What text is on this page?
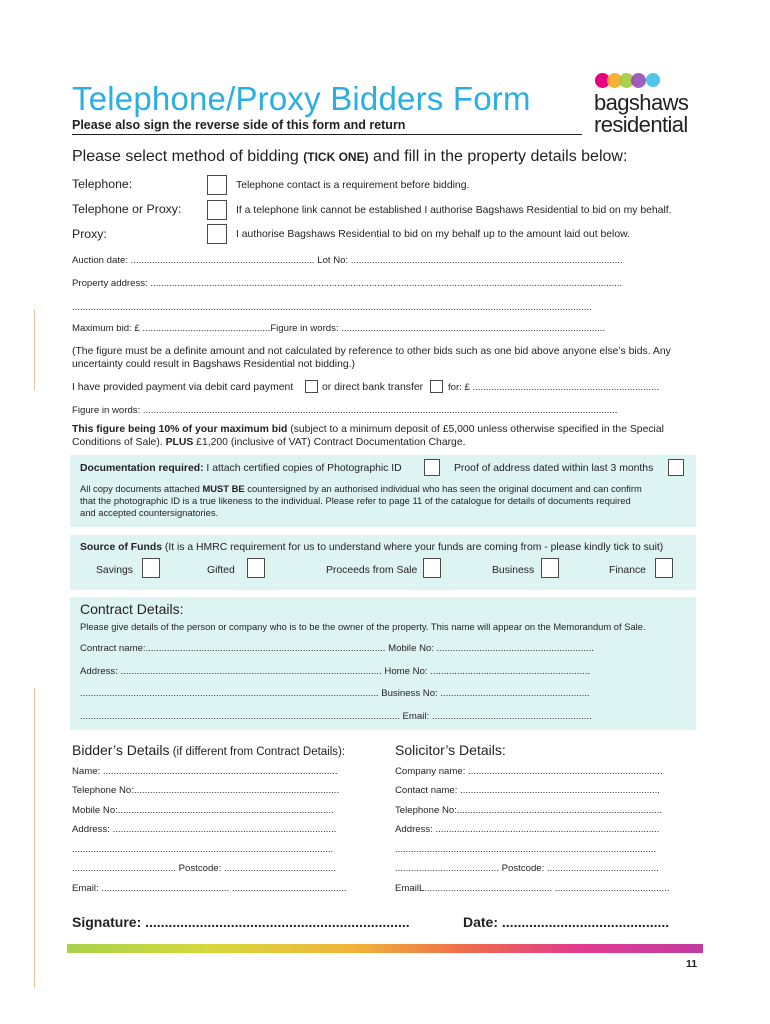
Telephone/Proxy Bidders Form
Please also sign the reverse side of this form and return
bagshaws
residential
Please select method of bidding (TICK ONE) and fill in the property details below:
Telephone:	Telephone contact is a requirement before bidding.
Telephone or Proxy:	If a telephone link cannot be established I authorise Bagshaws Residential to bid on my behalf.
Proxy:	I authorise Bagshaws Residential to bid on my behalf up to the amount laid out below.
Auction date: ..................................................................... Lot No: ......................................................................................................
Property address: .................................................................................................................................................................................
...................................................................................................................................................................................................
Maximum bid: £ ................................................Figure in words: ...................................................................................................
(The figure must be a definite amount and not calculated by reference to other bids such as one bid above anyone else’s bids. Any
uncertainty could result in Bagshaws Residential not bidding.)
I have provided payment via debit card payment	or direct bank transfer	for: £ ......................................................................
Figure in words: ..................................................................................................................................................................................
This figure being 10% of your maximum bid (subject to a minimum deposit of £5,000 unless otherwise specified in the Special
Conditions of Sale). PLUS £1,200 (inclusive of VAT) Contract Documentation Charge.
Documentation required: I attach certified copies of Photographic ID	Proof of address dated within last 3 months
All copy documents attached MUST BE countersigned by an authorised individual who has seen the original document and can confirm
that the photographic ID is a true likeness to the individual. Please refer to page 11 of the catalogue for details of documents required
and accepted countersignatories.
Source of Funds (It is a HMRC requirement for us to understand where your funds are coming from - please kindly tick to suit)
Savings	Gifted	Proceeds from Sale	Business	Finance
Contract Details:
Please give details of the person or company who is to be the owner of the property. This name will appear on the Memorandum of Sale.
Contract name:.......................................................................................... Mobile No: ...........................................................
Address: .................................................................................................. Home No: ............................................................
................................................................................................................ Business No: ........................................................
........................................................................................................................ Email: ............................................................
Bidder’s Details (if different from Contract Details):
Name: ........................................................................................
Telephone No:.............................................................................
Mobile No:.................................................................................
Address: ....................................................................................
..................................................................................................
....................................... Postcode: ..........................................
Email: ................................................ ...........................................
Solicitor’s Details:
Company name: .........................................................................
Contact name: ...........................................................................
Telephone No:.............................................................................
Address: ....................................................................................
..................................................................................................
....................................... Postcode: ..........................................
EmailL................................................ ...........................................
Signature: ....................................................................	Date: ...........................................
11
